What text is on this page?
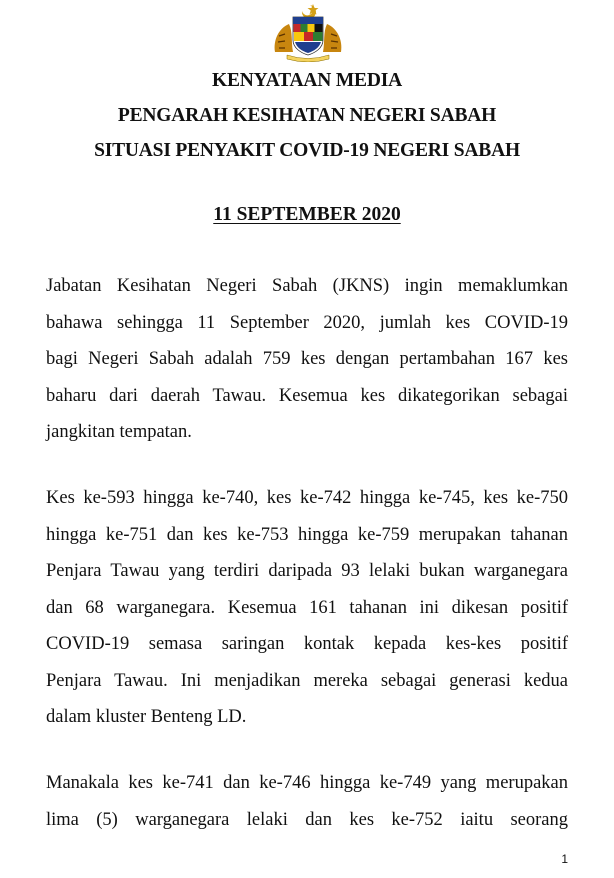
KENYATAAN MEDIA
PENGARAH KESIHATAN NEGERI SABAH
SITUASI PENYAKIT COVID-19 NEGERI SABAH
11 SEPTEMBER 2020
Jabatan Kesihatan Negeri Sabah (JKNS) ingin memaklumkan
bahawa sehingga 11 September 2020, jumlah kes COVID-19
bagi Negeri Sabah adalah 759 kes dengan pertambahan 167 kes
baharu dari daerah Tawau. Kesemua kes dikategorikan sebagai
jangkitan tempatan.
Kes ke-593 hingga ke-740, kes ke-742 hingga ke-745, kes ke-750
hingga ke-751 dan kes ke-753 hingga ke-759 merupakan tahanan
Penjara Tawau yang terdiri daripada 93 lelaki bukan warganegara
dan 68 warganegara. Kesemua 161 tahanan ini dikesan positif
COVID-19 semasa saringan kontak kepada kes-kes positif
Penjara Tawau. Ini menjadikan mereka sebagai generasi kedua
dalam kluster Benteng LD.
Manakala kes ke-741 dan ke-746 hingga ke-749 yang merupakan
lima (5) warganegara lelaki dan kes ke-752 iaitu seorang
1
